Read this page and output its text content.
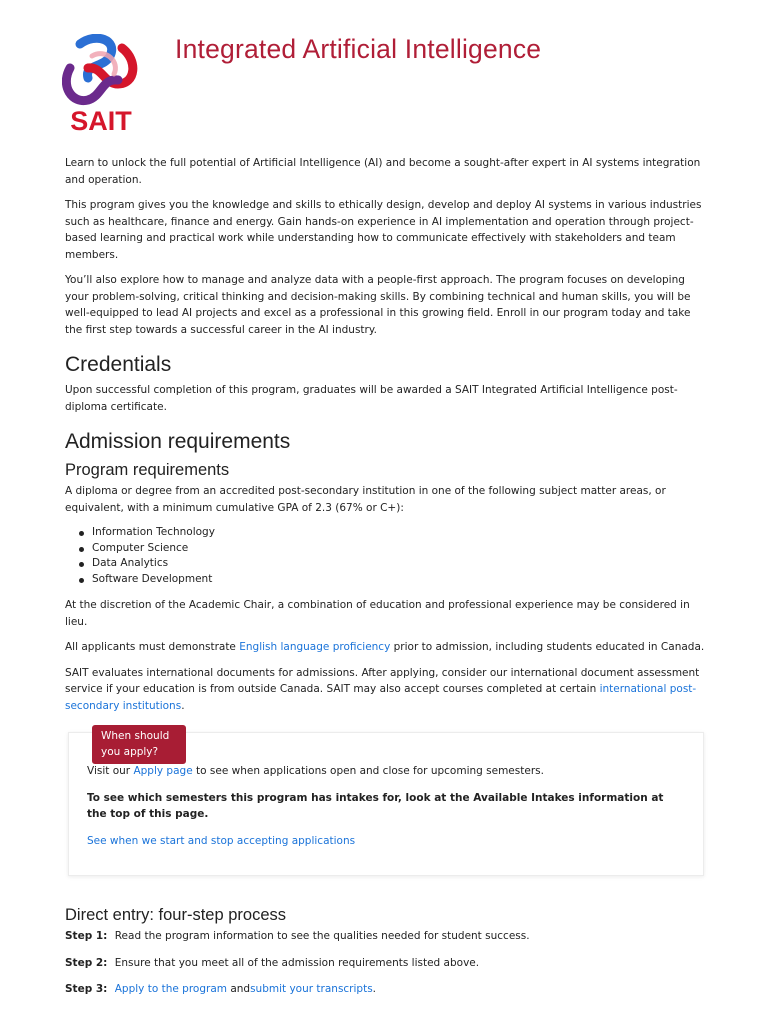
SAIT
Integrated Artificial Intelligence

Learn to unlock the full potential of Artificial Intelligence (AI) and become a sought-after expert in AI systems integration and operation.

This program gives you the knowledge and skills to ethically design, develop and deploy AI systems in various industries such as healthcare, finance and energy. Gain hands-on experience in AI implementation and operation through project-based learning and practical work while understanding how to communicate effectively with stakeholders and team members.

You’ll also explore how to manage and analyze data with a people-first approach. The program focuses on developing your problem-solving, critical thinking and decision-making skills. By combining technical and human skills, you will be well-equipped to lead AI projects and excel as a professional in this growing field. Enroll in our program today and take the first step towards a successful career in the AI industry.

Credentials

Upon successful completion of this program, graduates will be awarded a SAIT Integrated Artificial Intelligence post-diploma certificate.

Admission requirements
Program requirements

A diploma or degree from an accredited post-secondary institution in one of the following subject matter areas, or equivalent, with a minimum cumulative GPA of 2.3 (67% or C+):

Information Technology
Computer Science
Data Analytics
Software Development

At the discretion of the Academic Chair, a combination of education and professional experience may be considered in lieu.

All applicants must demonstrate English language proficiency prior to admission, including students educated in Canada.

SAIT evaluates international documents for admissions. After applying, consider our international document assessment service if your education is from outside Canada. SAIT may also accept courses completed at certain international post-secondary institutions.

When should you apply?

Visit our Apply page to see when applications open and close for upcoming semesters.

To see which semesters this program has intakes for, look at the Available Intakes information at the top of this page.

See when we start and stop accepting applications

Direct entry: four-step process

Step 1: Read the program information to see the qualities needed for student success.

Step 2: Ensure that you meet all of the admission requirements listed above.

Step 3: Apply to the program andsubmit your transcripts.
